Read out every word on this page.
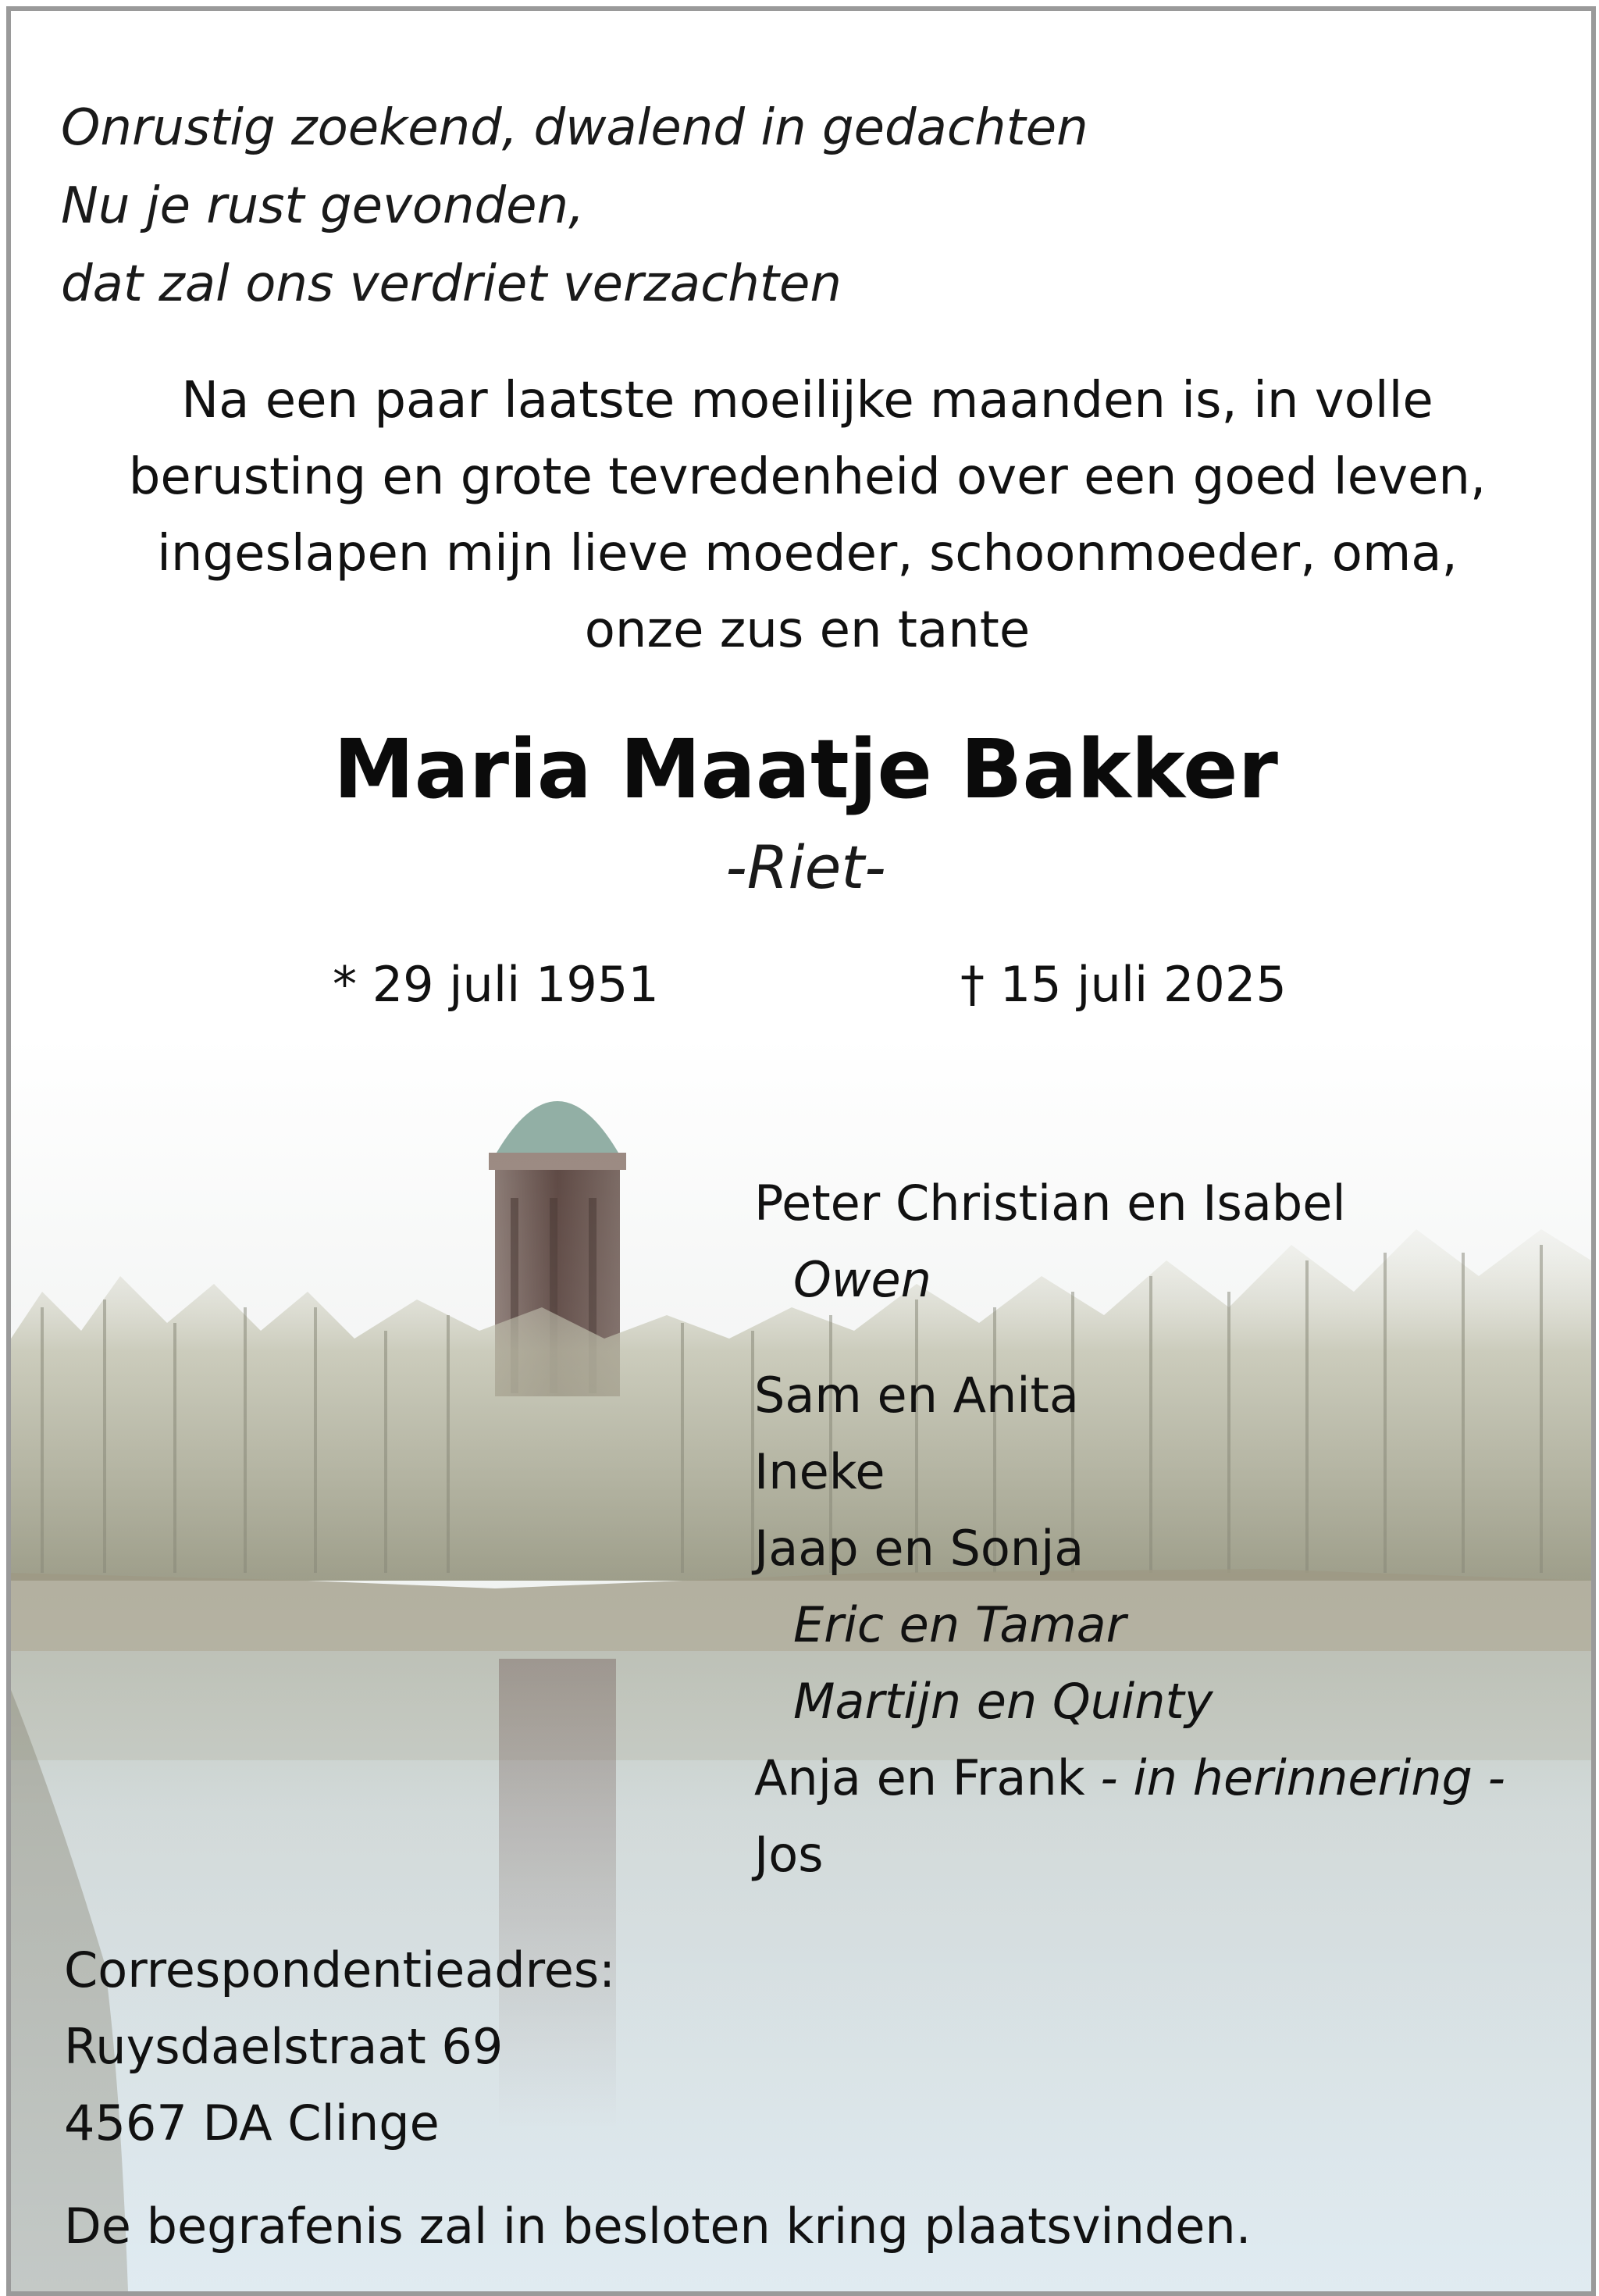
Onrustig zoekend, dwalend in gedachten
Nu je rust gevonden,
dat zal ons verdriet verzachten
Na een paar laatste moeilijke maanden is, in volle
berusting en grote tevredenheid over een goed leven,
ingeslapen mijn lieve moeder, schoonmoeder, oma,
onze zus en tante
Maria Maatje Bakker
-Riet-
* 29 juli 1951	† 15 juli 2025
Peter Christian en Isabel
Owen
Sam en Anita
Ineke
Jaap en Sonja
Eric en Tamar
Martijn en Quinty
Anja en Frank - in herinnering -
Jos
Correspondentieadres:
Ruysdaelstraat 69
4567 DA Clinge
De begrafenis zal in besloten kring plaatsvinden.
